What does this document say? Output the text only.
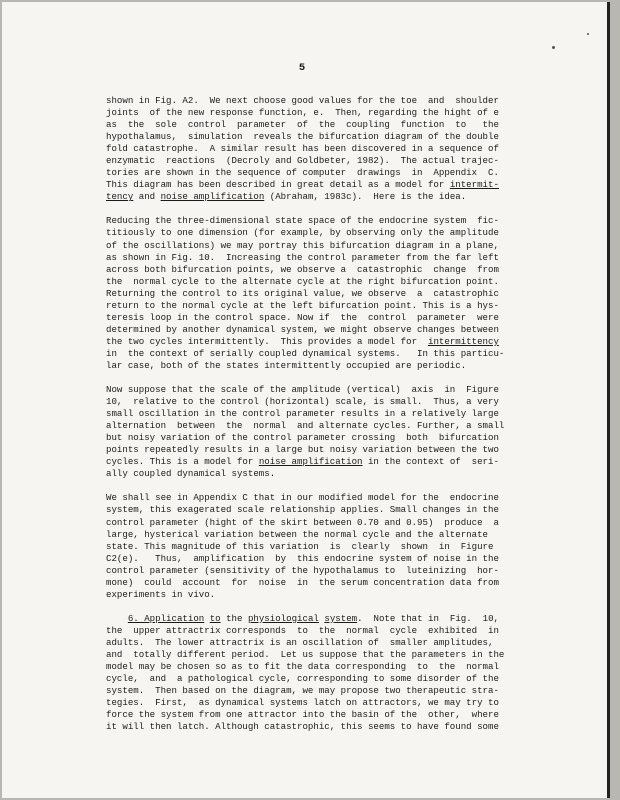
5
shown in Fig. A2.  We next choose good values for the toe  and  shoulder
joints  of the new response function, e.  Then, regarding the hight of e
as  the  sole  control  parameter  of  the  coupling  function  to   the
hypothalamus,  simulation  reveals the bifurcation diagram of the double
fold catastrophe.  A similar result has been discovered in a sequence of
enzymatic  reactions  (Decroly and Goldbeter, 1982).  The actual trajec-
tories are shown in the sequence of computer  drawings  in  Appendix  C.
This diagram has been described in great detail as a model for intermit-
tency and noise amplification (Abraham, 1983c).  Here is the idea.
Reducing the three-dimensional state space of the endocrine system  fic-
titiously to one dimension (for example, by observing only the amplitude
of the oscillations) we may portray this bifurcation diagram in a plane,
as shown in Fig. 10.  Increasing the control parameter from the far left
across both bifurcation points, we observe a  catastrophic  change  from
the  normal cycle to the alternate cycle at the right bifurcation point.
Returning the control to its original value, we observe  a  catastrophic
return to the normal cycle at the left bifurcation point. This is a hys-
teresis loop in the control space. Now if  the  control  parameter  were
determined by another dynamical system, we might observe changes between
the two cycles intermittently.  This provides a model for  intermittency
in  the context of serially coupled dynamical systems.   In this particu-
lar case, both of the states intermittently occupied are periodic.
Now suppose that the scale of the amplitude (vertical)  axis  in  Figure
10,  relative to the control (horizontal) scale, is small.  Thus, a very
small oscillation in the control parameter results in a relatively large
alternation  between  the  normal  and alternate cycles. Further, a small
but noisy variation of the control parameter crossing  both  bifurcation
points repeatedly results in a large but noisy variation between the two
cycles. This is a model for noise amplification in the context of  seri-
ally coupled dynamical systems.
We shall see in Appendix C that in our modified model for the  endocrine
system, this exagerated scale relationship applies. Small changes in the
control parameter (hight of the skirt between 0.70 and 0.95)  produce  a
large, hysterical variation between the normal cycle and the alternate
state. This magnitude of this variation  is  clearly  shown  in  Figure
C2(e).   Thus,  amplification  by  this endocrine system of noise in the
control parameter (sensitivity of the hypothalamus to  luteinizing  hor-
mone)  could  account  for  noise  in  the serum concentration data from
experiments in vivo.
6. Application to the physiological system.  Note that in  Fig.  10,
the  upper attractrix corresponds  to  the  normal  cycle  exhibited  in
adults.  The lower attractrix is an oscillation of  smaller amplitudes,
and  totally different period.  Let us suppose that the parameters in the
model may be chosen so as to fit the data corresponding  to  the  normal
cycle,  and  a pathological cycle, corresponding to some disorder of the
system.  Then based on the diagram, we may propose two therapeutic stra-
tegies.  First,  as dynamical systems latch on attractors, we may try to
force the system from one attractor into the basin of the  other,  where
it will then latch. Although catastrophic, this seems to have found some
